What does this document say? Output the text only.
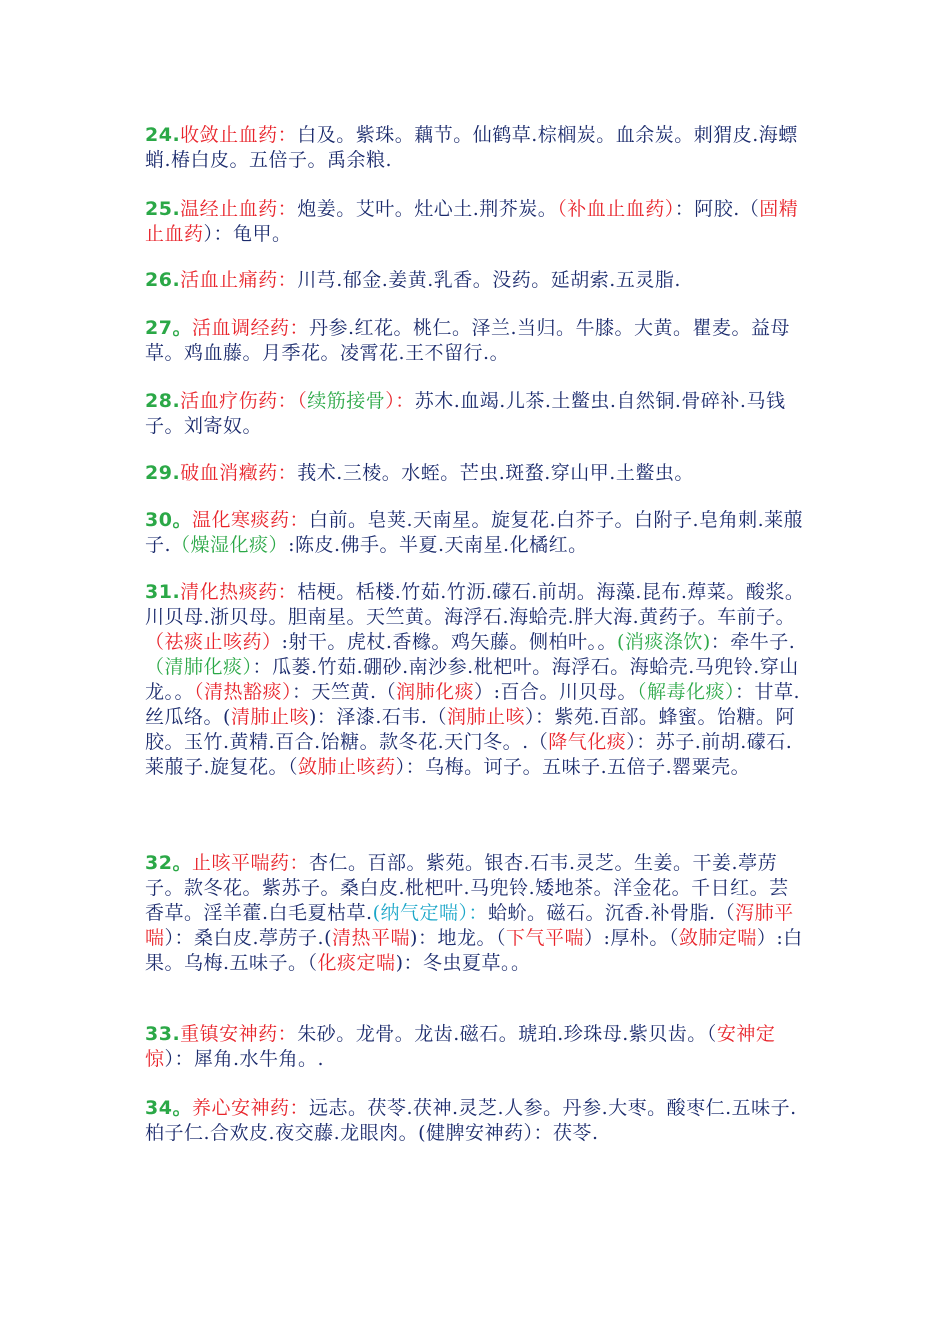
24.收敛止血药：白及。紫珠。藕节。仙鹤草.棕榈炭。血余炭。刺猬皮.海螵蛸.椿白皮。五倍子。禹余粮.
25.温经止血药：炮姜。艾叶。灶心土.荆芥炭。（补血止血药）：阿胶.（固精止血药）：龟甲。
26.活血止痛药：川芎.郁金.姜黄.乳香。没药。延胡索.五灵脂.
27。活血调经药：丹参.红花。桃仁。泽兰.当归。牛膝。大黄。瞿麦。益母草。鸡血藤。月季花。凌霄花.王不留行.。
28.活血疗伤药：（续筋接骨）：苏木.血竭.儿茶.土鳖虫.自然铜.骨碎补.马钱子。刘寄奴。
29.破血消癥药：莪术.三棱。水蛭。芒虫.斑蝥.穿山甲.土鳖虫。
30。温化寒痰药：白前。皂荚.天南星。旋复花.白芥子。白附子.皂角刺.莱菔子.（燥湿化痰）:陈皮.佛手。半夏.天南星.化橘红。
31.清化热痰药：桔梗。栝楼.竹茹.竹沥.礞石.前胡。海藻.昆布.蔊菜。酸浆。川贝母.浙贝母。胆南星。天竺黄。海浮石.海蛤壳.胖大海.黄药子。车前子。（祛痰止咳药）:射干。虎杖.香橼。鸡矢藤。侧柏叶。。(消痰涤饮)：牵牛子.（清肺化痰）：瓜蒌.竹茹.硼砂.南沙参.枇杷叶。海浮石。海蛤壳.马兜铃.穿山龙。。（清热豁痰）：天竺黄.（润肺化痰）:百合。川贝母。（解毒化痰）：甘草.丝瓜络。(清肺止咳)：泽漆.石韦.（润肺止咳）：紫苑.百部。蜂蜜。饴糖。阿胶。玉竹.黄精.百合.饴糖。款冬花.天门冬。.（降气化痰）：苏子.前胡.礞石.莱菔子.旋复花。（敛肺止咳药）：乌梅。诃子。五味子.五倍子.罂粟壳。
32。止咳平喘药：杏仁。百部。紫苑。银杏.石韦.灵芝。生姜。干姜.葶苈子。款冬花。紫苏子。桑白皮.枇杷叶.马兜铃.矮地茶。洋金花。千日红。芸香草。淫羊藿.白毛夏枯草.(纳气定喘）：蛤蚧。磁石。沉香.补骨脂.（泻肺平喘）：桑白皮.葶苈子.(清热平喘)：地龙。（下气平喘）:厚朴。（敛肺定喘）:白果。乌梅.五味子。（化痰定喘)：冬虫夏草。。
33.重镇安神药：朱砂。龙骨。龙齿.磁石。琥珀.珍珠母.紫贝齿。（安神定惊）：犀角.水牛角。.
34。养心安神药：远志。茯苓.茯神.灵芝.人参。丹参.大枣。酸枣仁.五味子.柏子仁.合欢皮.夜交藤.龙眼肉。(健脾安神药）：茯苓.
